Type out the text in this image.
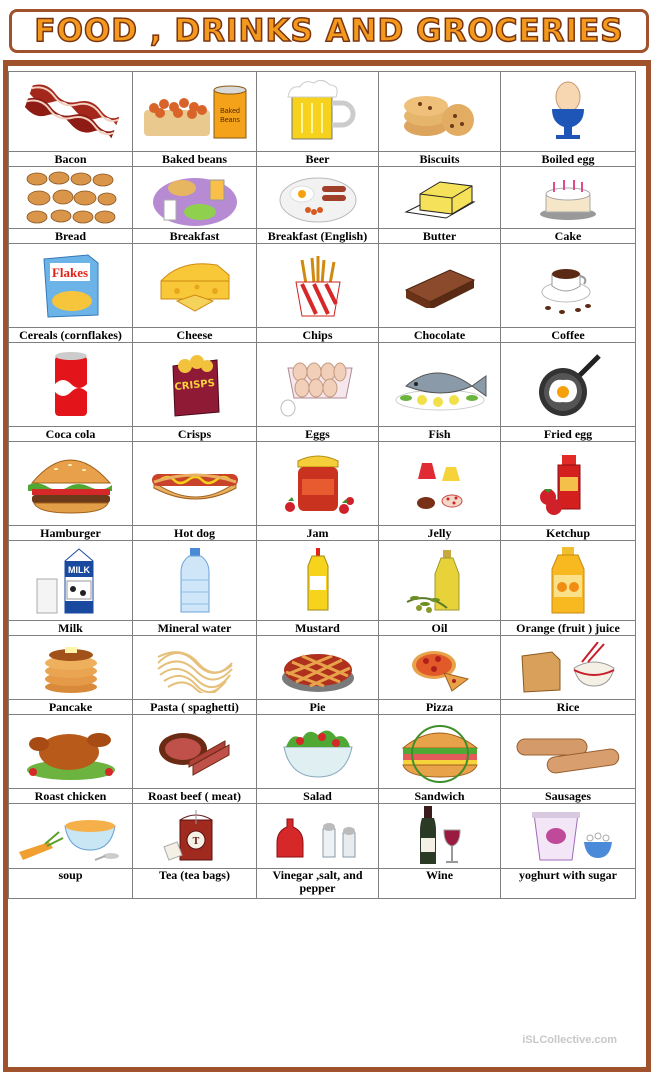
FOOD , DRINKS AND GROCERIES

Baked
Beans

Bacon	Baked beans	Beer	Biscuits	Boiled egg

Bread	Breakfast	Breakfast (English)	Butter	Cake

Flakes

Cereals (cornflakes)	Cheese	Chips	Chocolate	Coffee

CRISPS

Coca cola	Crisps	Eggs	Fish	Fried egg

Hamburger	Hot dog	Jam	Jelly	Ketchup

MILK

Milk	Mineral water	Mustard	Oil	Orange (fruit ) juice

Pancake	Pasta ( spaghetti)	Pie	Pizza	Rice

Roast chicken	Roast beef ( meat)	Salad	Sandwich	Sausages

T

soup	Tea (tea bags)	Vinegar ,salt, and pepper	Wine	yoghurt with sugar
iSLCollective.com
